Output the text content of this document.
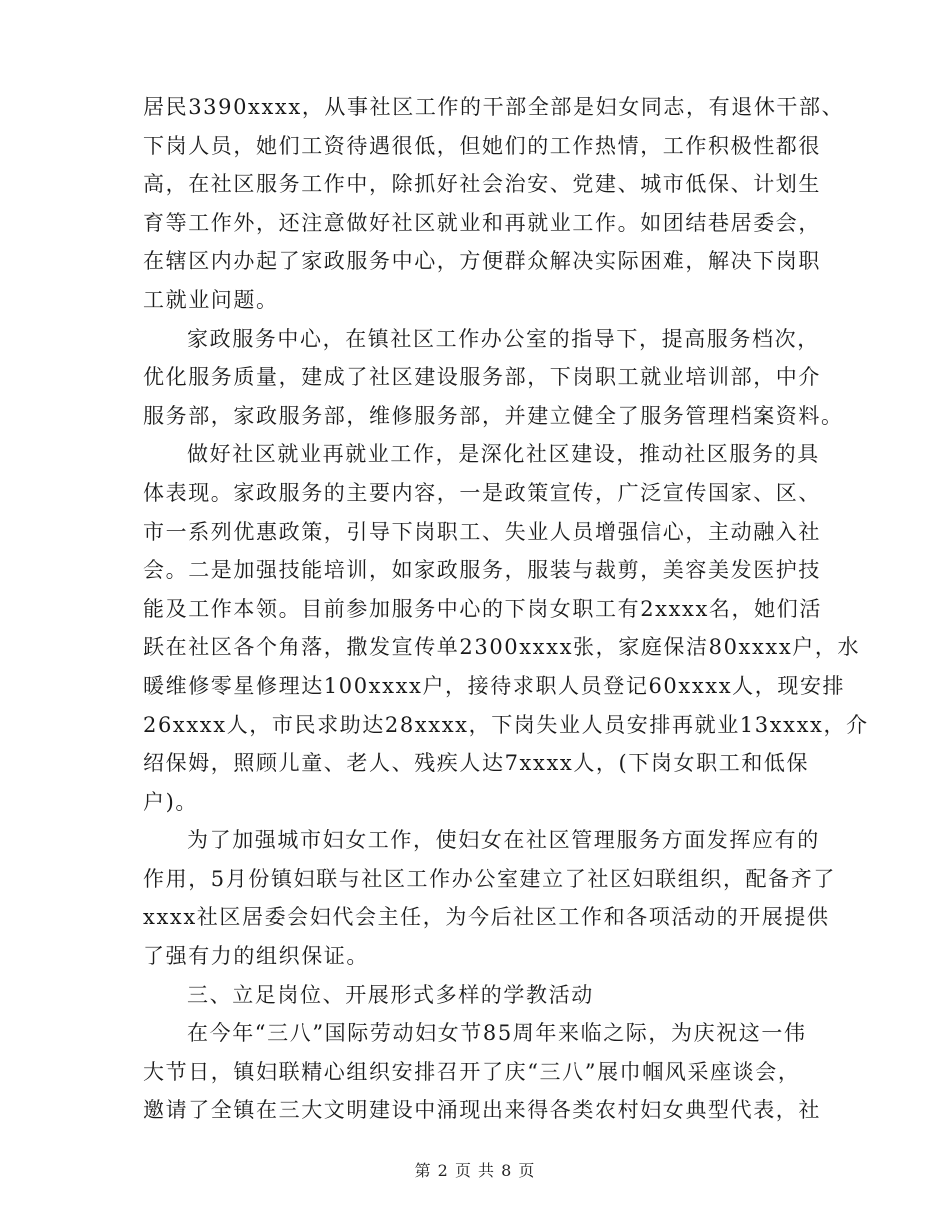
居民3390xxxx，从事社区工作的干部全部是妇女同志，有退休干部、
下岗人员，她们工资待遇很低，但她们的工作热情，工作积极性都很
高，在社区服务工作中，除抓好社会治安、党建、城市低保、计划生
育等工作外，还注意做好社区就业和再就业工作。如团结巷居委会，
在辖区内办起了家政服务中心，方便群众解决实际困难，解决下岗职
工就业问题。
家政服务中心，在镇社区工作办公室的指导下，提高服务档次，
优化服务质量，建成了社区建设服务部，下岗职工就业培训部，中介
服务部，家政服务部，维修服务部，并建立健全了服务管理档案资料。
做好社区就业再就业工作，是深化社区建设，推动社区服务的具
体表现。家政服务的主要内容，一是政策宣传，广泛宣传国家、区、
市一系列优惠政策，引导下岗职工、失业人员增强信心，主动融入社
会。二是加强技能培训，如家政服务，服装与裁剪，美容美发医护技
能及工作本领。目前参加服务中心的下岗女职工有2xxxx名，她们活
跃在社区各个角落，撒发宣传单2300xxxx张，家庭保洁80xxxx户，水
暖维修零星修理达100xxxx户，接待求职人员登记60xxxx人，现安排
26xxxx人，市民求助达28xxxx，下岗失业人员安排再就业13xxxx，介
绍保姆，照顾儿童、老人、残疾人达7xxxx人，(下岗女职工和低保
户)。
为了加强城市妇女工作，使妇女在社区管理服务方面发挥应有的
作用，5月份镇妇联与社区工作办公室建立了社区妇联组织，配备齐了
xxxx社区居委会妇代会主任，为今后社区工作和各项活动的开展提供
了强有力的组织保证。
三、立足岗位、开展形式多样的学教活动
在今年“三八”国际劳动妇女节85周年来临之际，为庆祝这一伟
大节日，镇妇联精心组织安排召开了庆“三八”展巾帼风采座谈会，
邀请了全镇在三大文明建设中涌现出来得各类农村妇女典型代表，社
第 2 页 共 8 页
